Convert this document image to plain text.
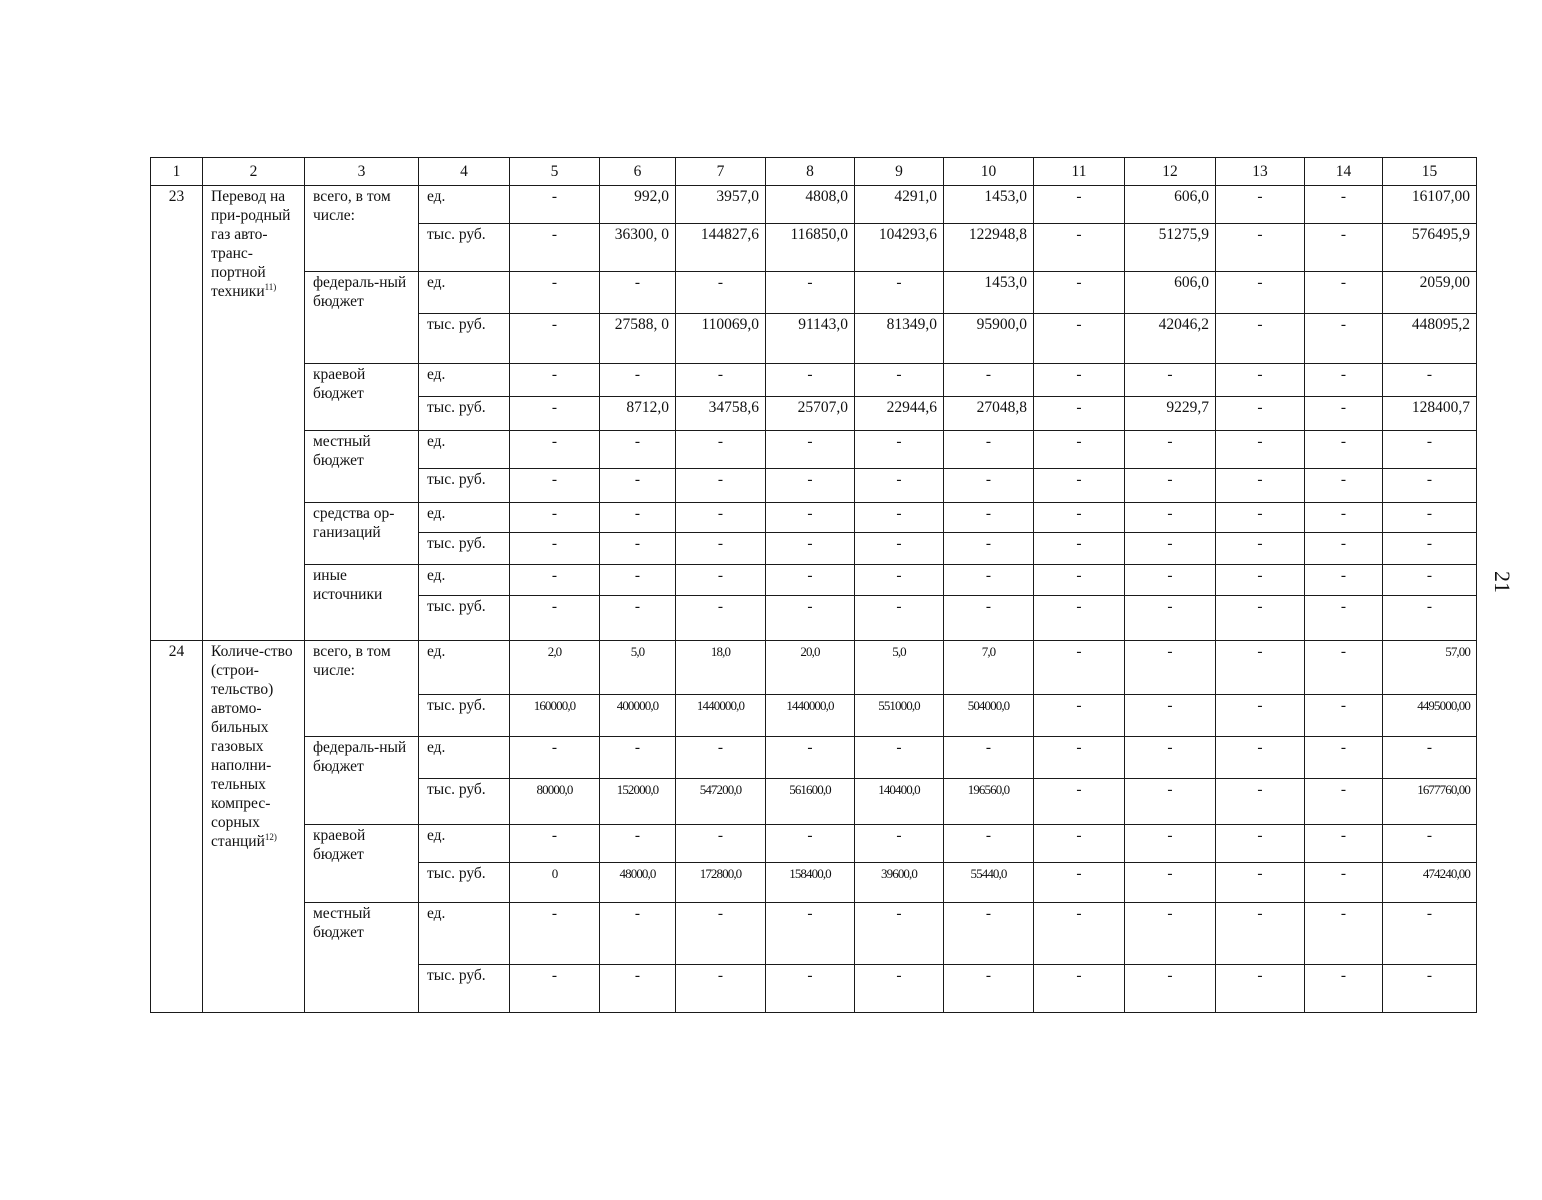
1	2	3	4	5	6	7	8	9	10	11	12	13	14	15
23	Перевод на при-родный газ авто-транс-портной техники$^{11)}$	всего, в том числе:	ед.	-	992,0	3957,0	4808,0	4291,0	1453,0	-	606,0	-	-	16107,00
			тыс. руб.	-	36300, 0	144827,6	116850,0	104293,6	122948,8	-	51275,9	-	-	576495,9
		федераль-ный бюджет	ед.	-	-	-	-	-	1453,0	-	606,0	-	-	2059,00
			тыс. руб.	-	27588, 0	110069,0	91143,0	81349,0	95900,0	-	42046,2	-	-	448095,2
		краевой бюджет	ед.	-	-	-	-	-	-	-	-	-	-	-
			тыс. руб.	-	8712,0	34758,6	25707,0	22944,6	27048,8	-	9229,7	-	-	128400,7
		местный бюджет	ед.	-	-	-	-	-	-	-	-	-	-	-
			тыс. руб.	-	-	-	-	-	-	-	-	-	-	-
		средства ор-ганизаций	ед.	-	-	-	-	-	-	-	-	-	-	-
			тыс. руб.	-	-	-	-	-	-	-	-	-	-	-
		иные источники	ед.	-	-	-	-	-	-	-	-	-	-	-
			тыс. руб.	-	-	-	-	-	-	-	-	-	-	-
24	Количе-ство (строи-тельство) автомо-бильных газовых наполни-тельных компрес-сорных станций$^{12)}$	всего, в том числе:	ед.	2,0	5,0	18,0	20,0	5,0	7,0	-	-	-	-	57,00
			тыс. руб.	160000,0	400000,0	1440000,0	1440000,0	551000,0	504000,0	-	-	-	-	4495000,00
		федераль-ный бюджет	ед.	-	-	-	-	-	-	-	-	-	-	-
			тыс. руб.	80000,0	152000,0	547200,0	561600,0	140400,0	196560,0	-	-	-	-	1677760,00
		краевой бюджет	ед.	-	-	-	-	-	-	-	-	-	-	-
			тыс. руб.	0	48000,0	172800,0	158400,0	39600,0	55440,0	-	-	-	-	474240,00
		местный бюджет	ед.	-	-	-	-	-	-	-	-	-	-	-
			тыс. руб.	-	-	-	-	-	-	-	-	-	-	-
21
